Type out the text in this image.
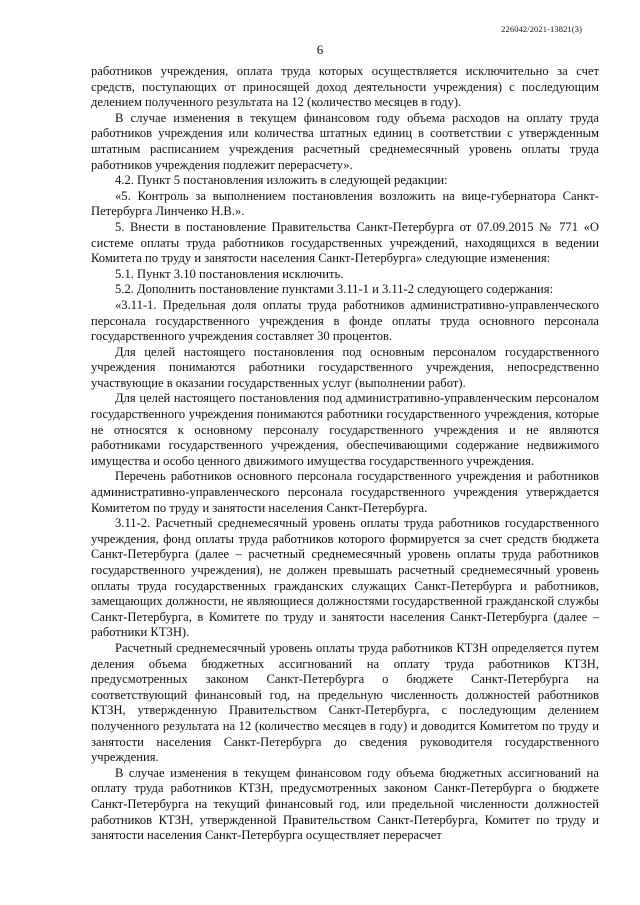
226042/2021-13821(3)
6

работников учреждения, оплата труда которых осуществляется исключительно за счет средств, поступающих от приносящей доход деятельности учреждения) с последующим делением полученного результата на 12 (количество месяцев в году).

В случае изменения в текущем финансовом году объема расходов на оплату труда работников учреждения или количества штатных единиц в соответствии с утвержденным штатным расписанием учреждения расчетный среднемесячный уровень оплаты труда работников учреждения подлежит перерасчету».

4.2. Пункт 5 постановления изложить в следующей редакции:

«5. Контроль за выполнением постановления возложить на вице-губернатора Санкт-Петербурга Линченко Н.В.».

5. Внести в постановление Правительства Санкт-Петербурга от 07.09.2015 № 771 «О системе оплаты труда работников государственных учреждений, находящихся в ведении Комитета по труду и занятости населения Санкт-Петербурга» следующие изменения:

5.1. Пункт 3.10 постановления исключить.

5.2. Дополнить постановление пунктами 3.11-1 и 3.11-2 следующего содержания:

«3.11-1. Предельная доля оплаты труда работников административно-управленческого персонала государственного учреждения в фонде оплаты труда основного персонала государственного учреждения составляет 30 процентов.

Для целей настоящего постановления под основным персоналом государственного учреждения понимаются работники государственного учреждения, непосредственно участвующие в оказании государственных услуг (выполнении работ).

Для целей настоящего постановления под административно-управленческим персоналом государственного учреждения понимаются работники государственного учреждения, которые не относятся к основному персоналу государственного учреждения и не являются работниками государственного учреждения, обеспечивающими содержание недвижимого имущества и особо ценного движимого имущества государственного учреждения.

Перечень работников основного персонала государственного учреждения и работников административно-управленческого персонала государственного учреждения утверждается Комитетом по труду и занятости населения Санкт-Петербурга.

3.11-2. Расчетный среднемесячный уровень оплаты труда работников государственного учреждения, фонд оплаты труда работников которого формируется за счет средств бюджета Санкт-Петербурга (далее – расчетный среднемесячный уровень оплаты труда работников государственного учреждения), не должен превышать расчетный среднемесячный уровень оплаты труда государственных гражданских служащих Санкт-Петербурга и работников, замещающих должности, не являющиеся должностями государственной гражданской службы Санкт-Петербурга, в Комитете по труду и занятости населения Санкт-Петербурга (далее – работники КТЗН).

Расчетный среднемесячный уровень оплаты труда работников КТЗН определяется путем деления объема бюджетных ассигнований на оплату труда работников КТЗН, предусмотренных законом Санкт-Петербурга о бюджете Санкт-Петербурга на соответствующий финансовый год, на предельную численность должностей работников КТЗН, утвержденную Правительством Санкт-Петербурга, с последующим делением полученного результата на 12 (количество месяцев в году) и доводится Комитетом по труду и занятости населения Санкт-Петербурга до сведения руководителя государственного учреждения.

В случае изменения в текущем финансовом году объема бюджетных ассигнований на оплату труда работников КТЗН, предусмотренных законом Санкт-Петербурга о бюджете Санкт-Петербурга на текущий финансовый год, или предельной численности должностей работников КТЗН, утвержденной Правительством Санкт-Петербурга, Комитет по труду и занятости населения Санкт-Петербурга осуществляет перерасчет
